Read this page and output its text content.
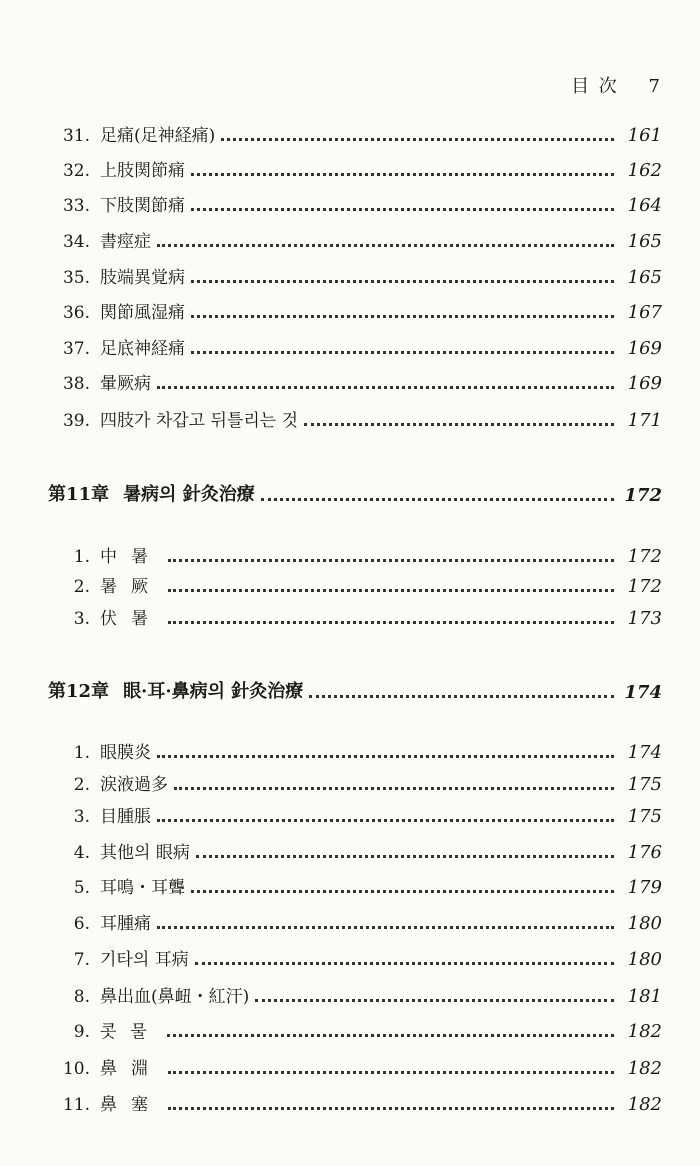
目 次 7
31. 足痛(足神経痛)	161
32. 上肢関節痛	162
33. 下肢関節痛	164
34. 書痙症	165
35. 肢端異覚病	165
36. 関節風湿痛	167
37. 足底神経痛	169
38. 暈厥病	169
39. 四肢가 차갑고 뒤틀리는 것	171
第11章 暑病의 針灸治療	172
1. 中暑	172
2. 暑厥	172
3. 伏暑	173
第12章 眼·耳·鼻病의 針灸治療	174
1. 眼膜炎	174
2. 涙液過多	175
3. 目腫脹	175
4. 其他의 眼病	176
5. 耳鳴・耳聾	179
6. 耳腫痛	180
7. 기타의 耳病	180
8. 鼻出血(鼻衄・紅汗)	181
9. 콧물	182
10. 鼻淵	182
11. 鼻塞	182
